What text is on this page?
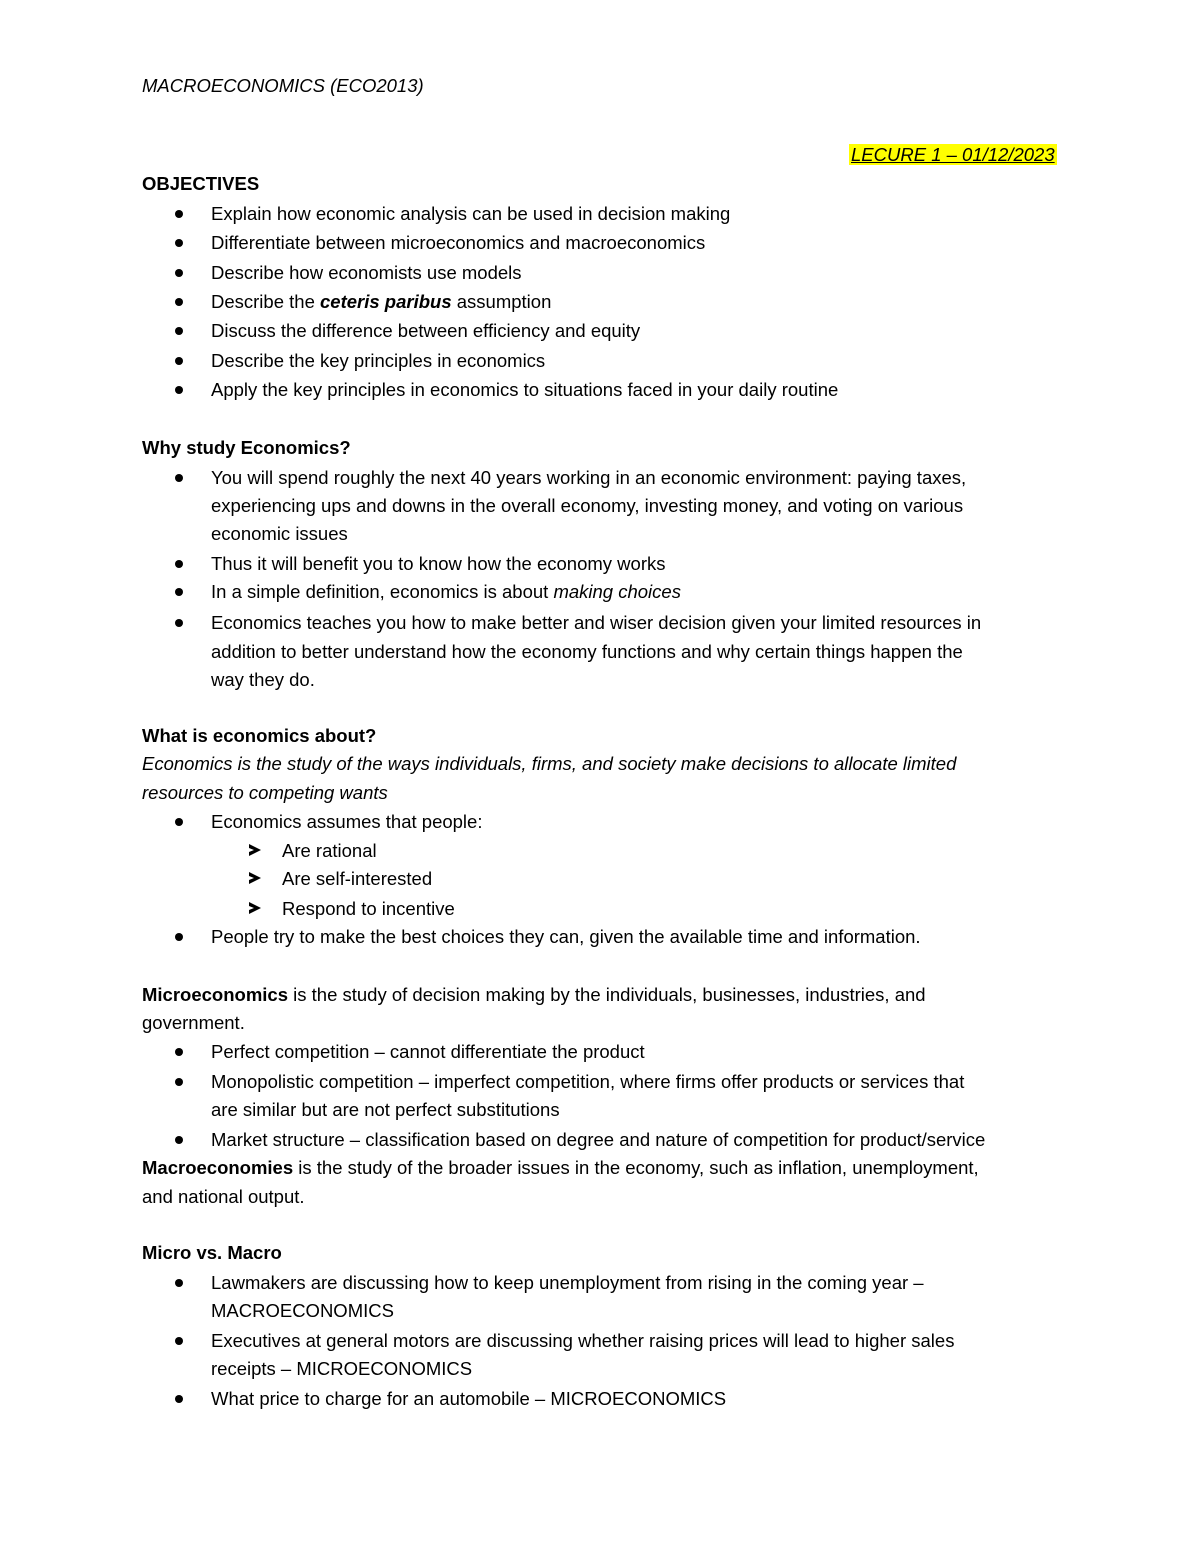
MACROECONOMICS (ECO2013)
LECURE 1 – 01/12/2023
OBJECTIVES
Explain how economic analysis can be used in decision making
Differentiate between microeconomics and macroeconomics
Describe how economists use models
Describe the ceteris paribus assumption
Discuss the difference between efficiency and equity
Describe the key principles in economics
Apply the key principles in economics to situations faced in your daily routine
Why study Economics?
You will spend roughly the next 40 years working in an economic environment: paying taxes,
experiencing ups and downs in the overall economy, investing money, and voting on various
economic issues
Thus it will benefit you to know how the economy works
In a simple definition, economics is about making choices
Economics teaches you how to make better and wiser decision given your limited resources in
addition to better understand how the economy functions and why certain things happen the
way they do.
What is economics about?
Economics is the study of the ways individuals, firms, and society make decisions to allocate limited
resources to competing wants
Economics assumes that people:
Are rational
Are self-interested
Respond to incentive
People try to make the best choices they can, given the available time and information.
Microeconomics is the study of decision making by the individuals, businesses, industries, and
government.
Perfect competition – cannot differentiate the product
Monopolistic competition – imperfect competition, where firms offer products or services that
are similar but are not perfect substitutions
Market structure – classification based on degree and nature of competition for product/service
Macroeconomies is the study of the broader issues in the economy, such as inflation, unemployment,
and national output.
Micro vs. Macro
Lawmakers are discussing how to keep unemployment from rising in the coming year –
MACROECONOMICS
Executives at general motors are discussing whether raising prices will lead to higher sales
receipts – MICROECONOMICS
What price to charge for an automobile – MICROECONOMICS
